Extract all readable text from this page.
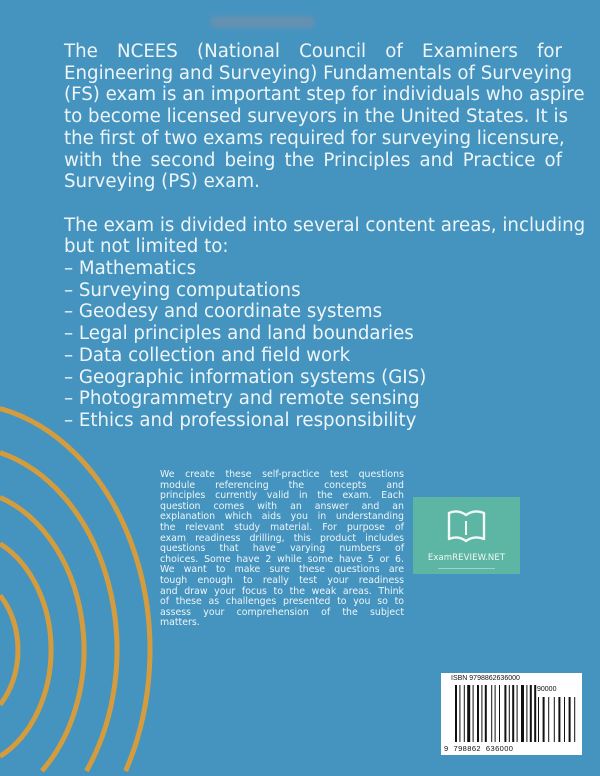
The NCEES (National Council of Examiners for
Engineering and Surveying) Fundamentals of Surveying
(FS) exam is an important step for individuals who aspire
to become licensed surveyors in the United States. It is
the first of two exams required for surveying licensure,
with the second being the Principles and Practice of
Surveying (PS) exam.
The exam is divided into several content areas, including
but not limited to:
– Mathematics
– Surveying computations
– Geodesy and coordinate systems
– Legal principles and land boundaries
– Data collection and field work
– Geographic information systems (GIS)
– Photogrammetry and remote sensing
– Ethics and professional responsibility
We create these self-practice test questions
module referencing the concepts and
principles currently valid in the exam. Each
question comes with an answer and an
explanation which aids you in understanding
the relevant study material. For purpose of
exam readiness drilling, this product includes
questions that have varying numbers of
choices. Some have 2 while some have 5 or 6.
We want to make sure these questions are
tough enough to really test your readiness
and draw your focus to the weak areas. Think
of these as challenges presented to you so to
assess your comprehension of the subject
matters.
ExamREVIEW.NET
ISBN 9798862636000
90000
9  798862  636000
